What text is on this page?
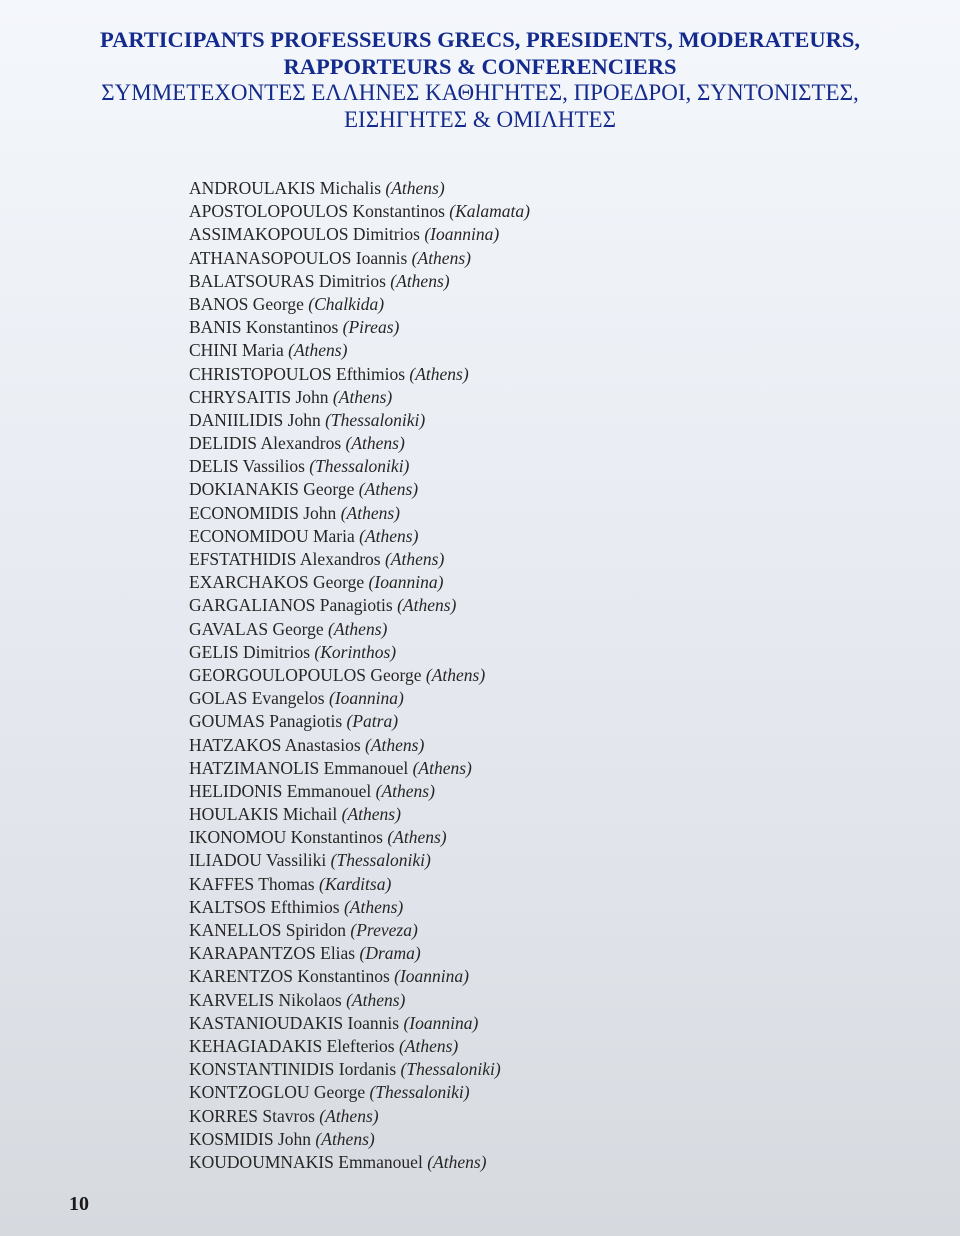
PARTICIPANTS PROFESSEURS GRECS, PRESIDENTS, MODERATEURS,
RAPPORTEURS & CONFERENCIERS
ΣΥΜΜΕΤΕΧΟΝΤΕΣ ΕΛΛΗΝΕΣ ΚΑΘΗΓΗΤΕΣ, ΠΡΟΕΔΡΟΙ, ΣΥΝΤΟΝΙΣΤΕΣ,
ΕΙΣΗΓΗΤΕΣ & ΟΜΙΛΗΤΕΣ
ANDROULAKIS Michalis (Athens)
APOSTOLOPOULOS Konstantinos (Kalamata)
ASSIMAKOPOULOS Dimitrios (Ioannina)
ATHANASOPOULOS Ioannis (Athens)
BALATSOURAS Dimitrios (Athens)
BANOS George (Chalkida)
BANIS Konstantinos (Pireas)
CHINI Maria (Athens)
CHRISTOPOULOS Efthimios (Athens)
CHRYSAITIS John (Athens)
DANIILIDIS John (Thessaloniki)
DELIDIS Alexandros (Athens)
DELIS Vassilios (Thessaloniki)
DOKIANAKIS George (Athens)
ECONOMIDIS John (Athens)
ECONOMIDOU Maria (Athens)
EFSTATHIDIS Alexandros (Athens)
EXARCHAKOS George (Ioannina)
GARGALIANOS Panagiotis (Athens)
GAVALAS George (Athens)
GELIS Dimitrios (Korinthos)
GEORGOULOPOULOS George (Athens)
GOLAS Evangelos (Ioannina)
GOUMAS Panagiotis (Patra)
HATZAKOS Anastasios (Athens)
HATZIMANOLIS Emmanouel (Athens)
HELIDONIS Emmanouel (Athens)
HOULAKIS Michail (Athens)
IKONOMOU Konstantinos (Athens)
ILIADOU Vassiliki (Thessaloniki)
KAFFES Thomas (Karditsa)
KALTSOS Efthimios (Athens)
KANELLOS Spiridon (Preveza)
KARAPANTZOS Elias (Drama)
KARENTZOS Konstantinos (Ioannina)
KARVELIS Nikolaos (Athens)
KASTANIOUDAKIS Ioannis (Ioannina)
KEHAGIADAKIS Elefterios (Athens)
KONSTANTINIDIS Iordanis (Thessaloniki)
KONTZOGLOU George (Thessaloniki)
KORRES Stavros (Athens)
KOSMIDIS John (Athens)
KOUDOUMNAKIS Emmanouel (Athens)
10
